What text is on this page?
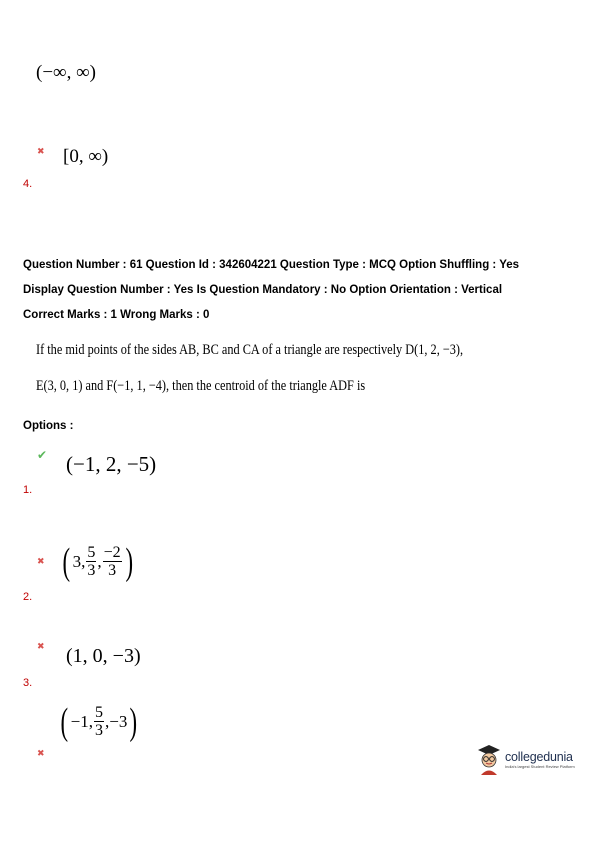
(−∞, ∞)
✖ [0, ∞)
4.
Question Number : 61 Question Id : 342604221 Question Type : MCQ Option Shuffling : Yes
Display Question Number : Yes Is Question Mandatory : No Option Orientation : Vertical
Correct Marks : 1 Wrong Marks : 0
If the mid points of the sides AB, BC and CA of a triangle are respectively D(1, 2, −3),
E(3, 0, 1) and F(−1, 1, −4), then the centroid of the triangle ADF is
Options :
✔ (−1, 2, −5)
1.
✖ ( 3, $\frac{5}{3}$ , $\frac{-2}{3}$ )
2.
✖ (1, 0, −3)
3.
( −1, $\frac{5}{3}$ , −3 )
✖	collegedunia
India's largest Student Review Platform
